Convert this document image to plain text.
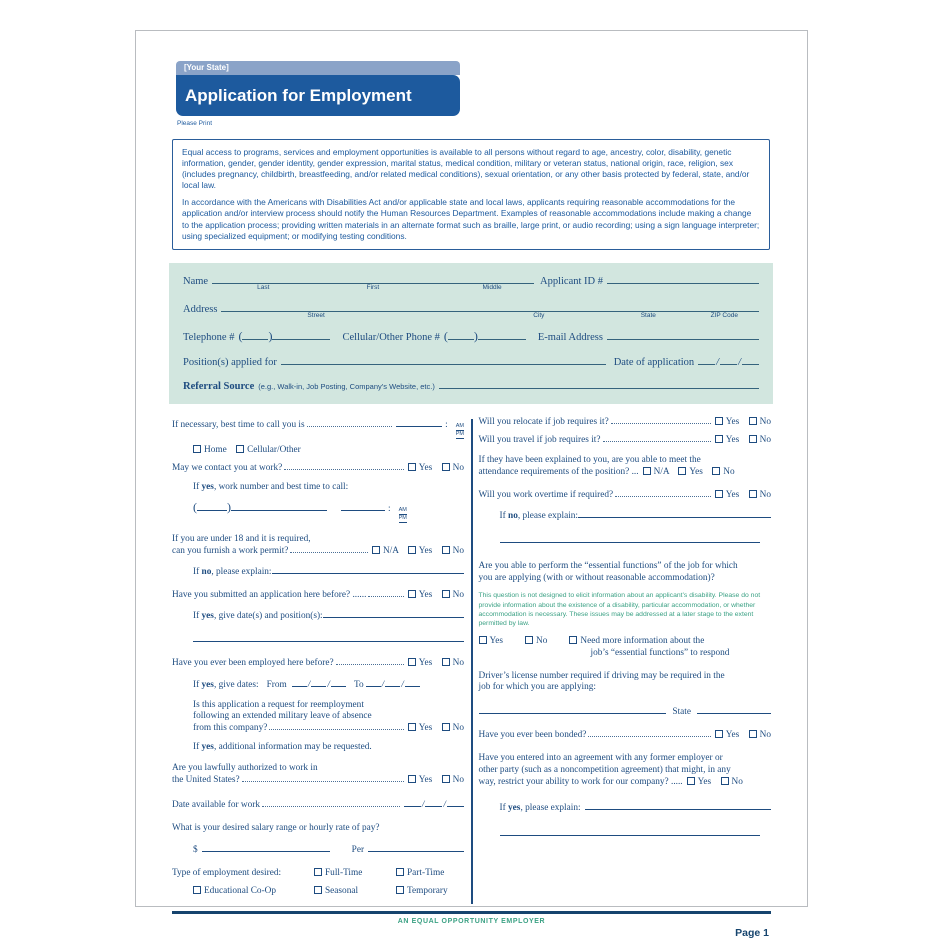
[Your State]
Application for Employment
Please Print

Equal access to programs, services and employment opportunities is available to all persons without regard to age, ancestry, color, disability, genetic information, gender, gender identity, gender expression, marital status, medical condition, military or veteran status, national origin, race, religion, sex (includes pregnancy, childbirth, breastfeeding, and/or related medical conditions), sexual orientation, or any other basis protected by federal, state, and/or local law.

In accordance with the Americans with Disabilities Act and/or applicable state and local laws, applicants requiring reasonable accommodations for the application and/or interview process should notify the Human Resources Department. Examples of reasonable accommodations include making a change to the application process; providing written materials in an alternate format such as braille, large print, or audio recording; using a sign language interpreter; using specialized equipment; or modifying testing conditions.

Name
Last	First	Middle
Applicant ID #
Address
Street	City	State	ZIP Code
Telephone # ( )	Cellular/Other Phone # ( )	E-mail Address
Position(s) applied for	Date of application / /
Referral Source (e.g., Walk-in, Job Posting, Company’s Website, etc.)
If necessary, best time to call you is	: AM
PM
Home Cellular/Other
May we contact you at work?	Yes No
If yes, work number and best time to call:
(	)	: AM
PM
If you are under 18 and it is required,
can you furnish a work permit?	N/A Yes No
If no, please explain:
Have you submitted an application here before? ......	Yes No
If yes, give date(s) and position(s):
Have you ever been employed here before?	Yes No
If yes, give dates: From / /	To / /
Is this application a request for reemployment
following an extended military leave of absence
from this company?	Yes No
If yes, additional information may be requested.
Are you lawfully authorized to work in
the United States?	Yes No
Date available for work	/ /
What is your desired salary range or hourly rate of pay?
$	Per
Type of employment desired:	Full-Time	Part-Time
Educational Co-Op	Seasonal	Temporary
Will you relocate if job requires it?	Yes No
Will you travel if job requires it?	Yes No
If they have been explained to you, are you able to meet the
attendance requirements of the position? ...	N/A Yes No
Will you work overtime if required?	Yes No
If no, please explain:
Are you able to perform the “essential functions” of the job for which
you are applying (with or without reasonable accommodation)?
This question is not designed to elicit information about an applicant’s disability. Please do not provide information about the existence of a disability, particular accommodation, or whether accommodation is necessary. These issues may be addressed at a later stage to the extent permitted by law.
Yes	No	Need more information about the
job’s “essential functions” to respond
Driver’s license number required if driving may be required in the
job for which you are applying:
State
Have you ever been bonded?	Yes No
Have you entered into an agreement with any former employer or
other party (such as a noncompetition agreement) that might, in any
way, restrict your ability to work for our company? .....	Yes No
If yes, please explain:
AN EQUAL OPPORTUNITY EMPLOYER
Page 1
